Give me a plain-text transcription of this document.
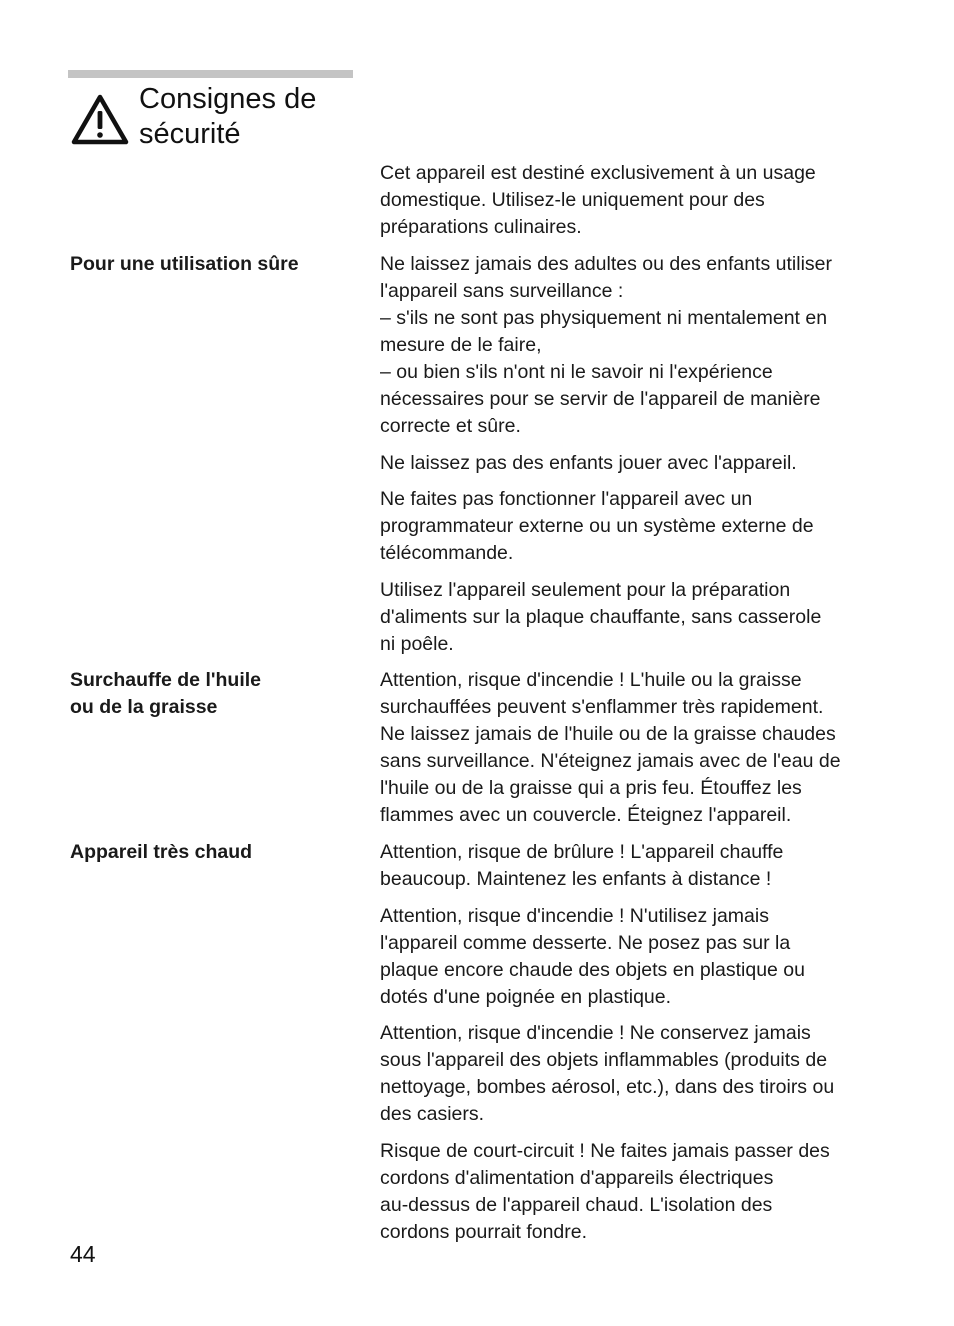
Consignes de
sécurité

Cet appareil est destiné exclusivement à un usage
domestique. Utilisez-le uniquement pour des
préparations culinaires.

Pour une utilisation sûre	Ne laissez jamais des adultes ou des enfants utiliser
l'appareil sans surveillance :
– s'ils ne sont pas physiquement ni mentalement en
mesure de le faire,
– ou bien s'ils n'ont ni le savoir ni l'expérience
nécessaires pour se servir de l'appareil de manière
correcte et sûre.

Ne laissez pas des enfants jouer avec l'appareil.

Ne faites pas fonctionner l'appareil avec un
programmateur externe ou un système externe de
télécommande.

Utilisez l'appareil seulement pour la préparation
d'aliments sur la plaque chauffante, sans casserole
ni poêle.

Surchauffe de l'huile
ou de la graisse

Attention, risque d'incendie ! L'huile ou la graisse
surchauffées peuvent s'enflammer très rapidement.
Ne laissez jamais de l'huile ou de la graisse chaudes
sans surveillance. N'éteignez jamais avec de l'eau de
l'huile ou de la graisse qui a pris feu. Étouffez les
flammes avec un couvercle. Éteignez l'appareil.

Appareil très chaud	Attention, risque de brûlure ! L'appareil chauffe
beaucoup. Maintenez les enfants à distance !

Attention, risque d'incendie ! N'utilisez jamais
l'appareil comme desserte. Ne posez pas sur la
plaque encore chaude des objets en plastique ou
dotés d'une poignée en plastique.

Attention, risque d'incendie ! Ne conservez jamais
sous l'appareil des objets inflammables (produits de
nettoyage, bombes aérosol, etc.), dans des tiroirs ou
des casiers.

Risque de court-circuit ! Ne faites jamais passer des
cordons d'alimentation d'appareils électriques
au-dessus de l'appareil chaud. L'isolation des
cordons pourrait fondre.

44
